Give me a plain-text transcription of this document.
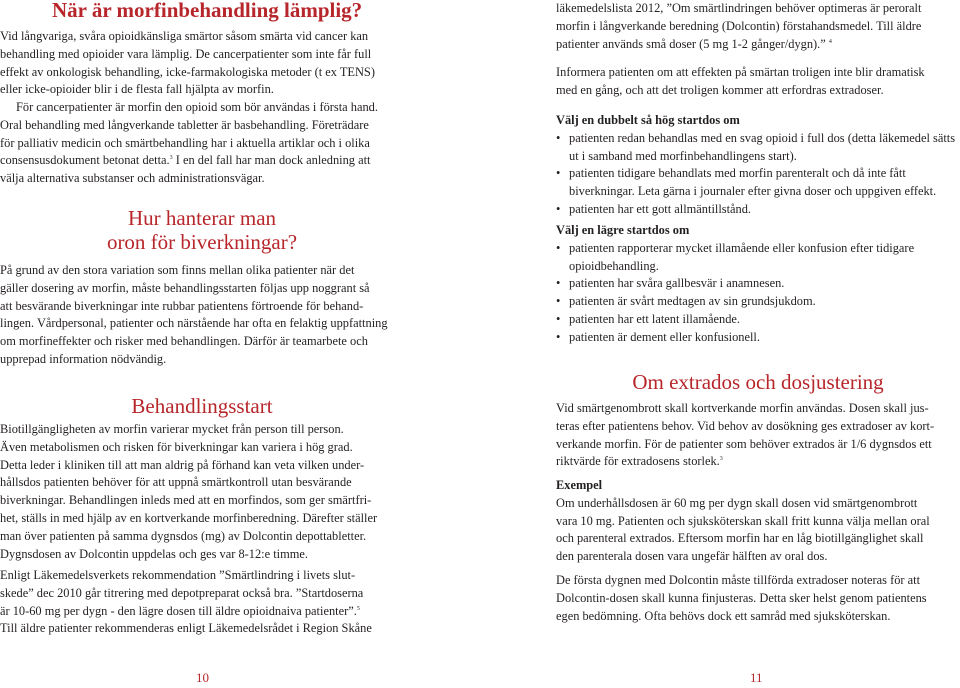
När är morfinbehandling lämplig?

Vid långvariga, svåra opioidkänsliga smärtor såsom smärta vid cancer kan

behandling med opioider vara lämplig. De cancerpatienter som inte får full

effekt av onkologisk behandling, icke-farmakologiska metoder (t ex TENS)

eller icke-opioider blir i de flesta fall hjälpta av morfin.

För cancerpatienter är morfin den opioid som bör användas i första hand.

Oral behandling med långverkande tabletter är basbehandling. Företrädare

för palliativ medicin och smärtbehandling har i aktuella artiklar och i olika

consensusdokument betonat detta.$^3$ I en del fall har man dock anledning att

välja alternativa substanser och administrationsvägar.

Hur hanterar man
oron för biverkningar?

På grund av den stora variation som finns mellan olika patienter när det

gäller dosering av morfin, måste behandlingsstarten följas upp noggrant så

att besvärande biverkningar inte rubbar patientens förtroende för behand-

lingen. Vårdpersonal, patienter och närstående har ofta en felaktig uppfattning

om morfineffekter och risker med behandlingen. Därför är teamarbete och

upprepad information nödvändig.

Behandlingsstart

Biotillgängligheten av morfin varierar mycket från person till person.

Även metabolismen och risken för biverkningar kan variera i hög grad.

Detta leder i kliniken till att man aldrig på förhand kan veta vilken under-

hållsdos patienten behöver för att uppnå smärtkontroll utan besvärande

biverkningar. Behandlingen inleds med att en morfindos, som ger smärtfri-

het, ställs in med hjälp av en kortverkande morfinberedning. Därefter ställer

man över patienten på samma dygnsdos (mg) av Dolcontin depottabletter.

Dygnsdosen av Dolcontin uppdelas och ges var 8-12:e timme.

Enligt Läkemedelsverkets rekommendation ”Smärtlindring i livets slut-

skede” dec 2010 går titrering med depotpreparat också bra. ”Startdoserna

är 10-60 mg per dygn - den lägre dosen till äldre opioidnaiva patienter”.$^5$

Till äldre patienter rekommenderas enligt Läkemedelsrådet i Region Skåne

10

läkemedelslista 2012, ”Om smärtlindringen behöver optimeras är peroralt

morfin i långverkande beredning (Dolcontin) förstahandsmedel. Till äldre

patienter används små doser (5 mg 1-2 gånger/dygn).” $^4$

Informera patienten om att effekten på smärtan troligen inte blir dramatisk

med en gång, och att det troligen kommer att erfordras extradoser.

Välj en dubbelt så hög startdos om

• patienten redan behandlas med en svag opioid i full dos (detta läkemedel sätts ut i samband med morfinbehandlingens start).
• patienten tidigare behandlats med morfin parenteralt och då inte fått biverkningar. Leta gärna i journaler efter givna doser och uppgiven effekt.
• patienten har ett gott allmäntillstånd.

Välj en lägre startdos om

• patienten rapporterar mycket illamående eller konfusion efter tidigare opioidbehandling.
• patienten har svåra gallbesvär i anamnesen.
• patienten är svårt medtagen av sin grundsjukdom.
• patienten har ett latent illamående.
• patienten är dement eller konfusionell.
Om extrados och dosjustering

Vid smärtgenombrott skall kortverkande morfin användas. Dosen skall jus-

teras efter patientens behov. Vid behov av dosökning ges extradoser av kort-

verkande morfin. För de patienter som behöver extrados är 1/6 dygnsdos ett

riktvärde för extradosens storlek.$^3$

Exempel

Om underhållsdosen är 60 mg per dygn skall dosen vid smärtgenombrott

vara 10 mg. Patienten och sjuksköterskan skall fritt kunna välja mellan oral

och parenteral extrados. Eftersom morfin har en låg biotillgänglighet skall

den parenterala dosen vara ungefär hälften av oral dos.

De första dygnen med Dolcontin måste tillförda extradoser noteras för att

Dolcontin-dosen skall kunna finjusteras. Detta sker helst genom patientens

egen bedömning. Ofta behövs dock ett samråd med sjuksköterskan.

11
